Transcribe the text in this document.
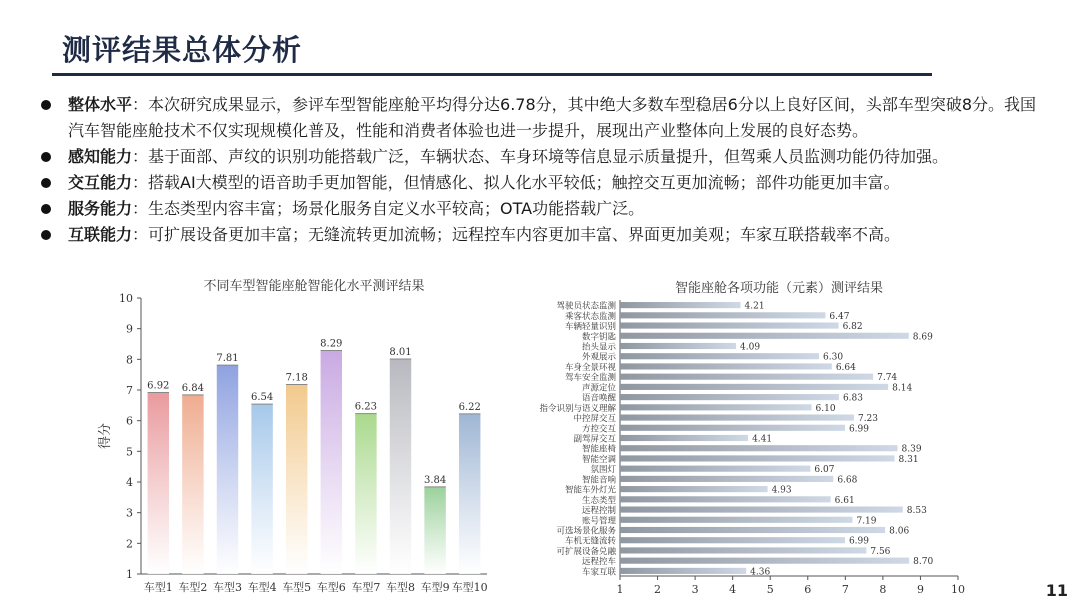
测评结果总体分析

整体水平：本次研究成果显示，参评车型智能座舱平均得分达6.78分，其中绝大多数车型稳居6分以上良好区间，头部车型突破8分。我国汽车智能座舱技术不仅实现规模化普及，性能和消费者体验也进一步提升，展现出产业整体向上发展的良好态势。

感知能力：基于面部、声纹的识别功能搭载广泛，车辆状态、车身环境等信息显示质量提升，但驾乘人员监测功能仍待加强。

交互能力：搭载AI大模型的语音助手更加智能，但情感化、拟人化水平较低；触控交互更加流畅；部件功能更加丰富。

服务能力：生态类型内容丰富；场景化服务自定义水平较高；OTA功能搭载广泛。

互联能力：可扩展设备更加丰富；无缝流转更加流畅；远程控车内容更加丰富、界面更加美观；车家互联搭载率不高。

不同车型智能座舱智能化水平测评结果
1
2
3
4
5
6
7
8
9
10
得分
6.92
车型1
6.84
车型2
7.81
车型3
6.54
车型4
7.18
车型5
8.29
车型6
6.23
车型7
8.01
车型8
3.84
车型9
6.22
车型10
智能座舱各项功能（元素）测评结果
1	2	3	4	5	6	7	8	9 10
4.21
驾驶员状态监测
6.47
乘客状态监测
6.82
车辆轻量识别
8.69
数字钥匙
4.09
抬头显示
6.30
外观展示
6.64
车身全景环视
7.74
驾车安全监测
8.14
声源定位
6.83
语音唤醒
6.10
指令识别与语义理解
7.23
中控屏交互
6.99
方控交互
4.41
副驾屏交互
8.39
智能座椅
8.31
智能空调
6.07
氛围灯
6.68
智能音响
4.93
智能车外灯光
6.61
生态类型
8.53
远程控制
7.19
账号管理
8.06
可选场景化服务
6.99
车机无缝流转
7.56
可扩展设备兑融
8.70
远程控车
4.36
车家互联
11
